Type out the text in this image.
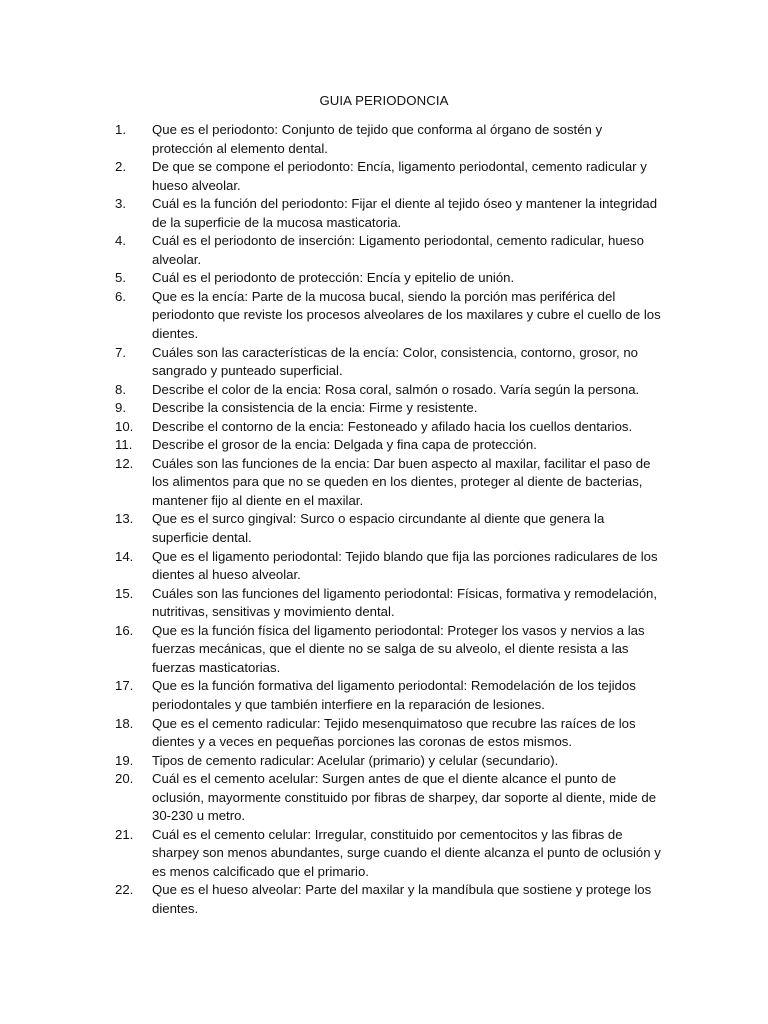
GUIA PERIODONCIA
1.	Que es el periodonto: Conjunto de tejido que conforma al órgano de sostén y protección al elemento dental.
2.	De que se compone el periodonto: Encía, ligamento periodontal, cemento radicular y hueso alveolar.
3.	Cuál es la función del periodonto: Fijar el diente al tejido óseo y mantener la integridad de la superficie de la mucosa masticatoria.
4.	Cuál es el periodonto de inserción: Ligamento periodontal, cemento radicular, hueso alveolar.
5.	Cuál es el periodonto de protección: Encía y epitelio de unión.
6.	Que es la encía: Parte de la mucosa bucal, siendo la porción mas periférica del periodonto que reviste los procesos alveolares de los maxilares y cubre el cuello de los dientes.
7.	Cuáles son las características de la encía: Color, consistencia, contorno, grosor, no sangrado y punteado superficial.
8.	Describe el color de la encia: Rosa coral, salmón o rosado. Varía según la persona.
9.	Describe la consistencia de la encia: Firme y resistente.
10.	Describe el contorno de la encia: Festoneado y afilado hacia los cuellos dentarios.
11.	Describe el grosor de la encia: Delgada y fina capa de protección.
12.	Cuáles son las funciones de la encia: Dar buen aspecto al maxilar, facilitar el paso de los alimentos para que no se queden en los dientes, proteger al diente de bacterias, mantener fijo al diente en el maxilar.
13.	Que es el surco gingival: Surco o espacio circundante al diente que genera la superficie dental.
14.	Que es el ligamento periodontal: Tejido blando que fija las porciones radiculares de los dientes al hueso alveolar.
15.	Cuáles son las funciones del ligamento periodontal: Físicas, formativa y remodelación, nutritivas, sensitivas y movimiento dental.
16.	Que es la función física del ligamento periodontal: Proteger los vasos y nervios a las fuerzas mecánicas, que el diente no se salga de su alveolo, el diente resista a las fuerzas masticatorias.
17.	Que es la función formativa del ligamento periodontal: Remodelación de los tejidos periodontales y que también interfiere en la reparación de lesiones.
18.	Que es el cemento radicular: Tejido mesenquimatoso que recubre las raíces de los dientes y a veces en pequeñas porciones las coronas de estos mismos.
19.	Tipos de cemento radicular: Acelular (primario) y celular (secundario).
20.	Cuál es el cemento acelular: Surgen antes de que el diente alcance el punto de oclusión, mayormente constituido por fibras de sharpey, dar soporte al diente, mide de 30-230 u metro.
21.	Cuál es el cemento celular: Irregular, constituido por cementocitos y las fibras de sharpey son menos abundantes, surge cuando el diente alcanza el punto de oclusión y es menos calcificado que el primario.
22.	Que es el hueso alveolar: Parte del maxilar y la mandíbula que sostiene y protege los dientes.
